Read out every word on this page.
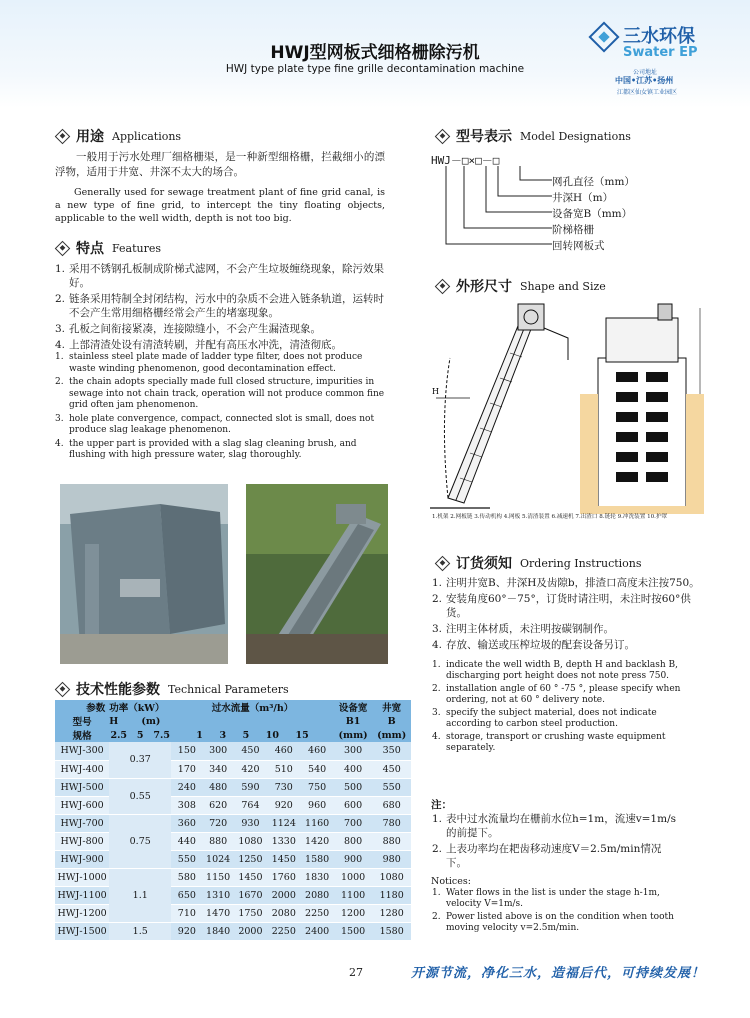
HWJ型网板式细格栅除污机
HWJ type plate type fine grille decontamination machine
三水环保
Swater EP
公司地址
中国•江苏•扬州
江都区仙女镇工业园区
用途 Applications
一般用于污水处理厂细格栅渠，是一种新型细格栅，拦截细小的漂浮物，适用于井宽、井深不太大的场合。
Generally used for sewage treatment plant of fine grid canal, is a new type of fine grid, to intercept the tiny floating objects, applicable to the well width, depth is not too big.
特点 Features
1. 采用不锈钢孔板制成阶梯式滤网，不会产生垃圾缠绕现象，除污效果好。
2. 链条采用特制全封闭结构，污水中的杂质不会进入链条轨道，运转时不会产生常用细格栅经常会产生的堵塞现象。
3. 孔板之间衔接紧凑，连接隙缝小，不会产生漏渣现象。
4. 上部清渣处设有清渣转刷，并配有高压水冲洗，清渣彻底。
1. stainless steel plate made of ladder type filter, does not produce waste winding phenomenon, good decontamination effect.
2. the chain adopts specially made full closed structure, impurities in sewage into not chain track, operation will not produce common fine grid often jam phenomenon.
3. hole plate convergence, compact, connected slot is small, does not produce slag leakage phenomenon.
4. the upper part is provided with a slag slag cleaning brush, and flushing with high pressure water, slag thoroughly.
技术性能参数 Technical Parameters
参数	功率（kW）	过水流量（m³/h）					设备宽	井宽
型号	H (m)						B1	B
规格	2.5   5   7.5	1     3     5     10     15					(mm)	(mm)
HWJ-300	0.37	150	300	450	460	460	300	350
HWJ-400		170	340	420	510	540	400	450
HWJ-500	0.55	240	480	590	730	750	500	550
HWJ-600		308	620	764	920	960	600	680
HWJ-700	0.75	360	720	930	1124	1160	700	780
HWJ-800		440	880	1080	1330	1420	800	880
HWJ-900		550	1024	1250	1450	1580	900	980
HWJ-1000	1.1	580	1150	1450	1760	1830	1000	1080
HWJ-1100		650	1310	1670	2000	2080	1100	1180
HWJ-1200		710	1470	1750	2080	2250	1200	1280
HWJ-1500	1.5	920	1840	2000	2250	2400	1500	1580
型号表示 Model Designations
HWJ－□×□－□
网孔直径（mm）
井深H（m）
设备宽B（mm）
阶梯格栅
回转网板式
外形尺寸 Shape and Size
H
1.机架 2.网板链 3.传动机构 4.网板 5.清渣装置 6.减速机 7.出渣口 8.链轮 9.冲洗装置 10.护罩
订货须知 Ordering Instructions
1. 注明井宽B、井深H及齿隙b，排渣口高度未注按750。
2. 安装角度60°－75°，订货时请注明，未注时按60°供货。
3. 注明主体材质，未注明按碳钢制作。
4. 存放、输送或压榨垃圾的配套设备另订。
1. indicate the well width B, depth H and backlash B, discharging port height does not note press 750.
2. installation angle of 60 ° -75 °, please specify when ordering, not at 60 ° delivery note.
3. specify the subject material, does not indicate according to carbon steel production.
4. storage, transport or crushing waste equipment separately.
注：
1. 表中过水流量均在栅前水位h=1m，流速v=1m/s的前提下。
2. 上表功率均在耙齿移动速度V＝2.5m/min情况下。
Notices:
1. Water flows in the list is under the stage h-1m, velocity V=1m/s.
2. Power listed above is on the condition when tooth moving velocity v=2.5m/min.
27	开源节流，净化三水，造福后代，可持续发展！
